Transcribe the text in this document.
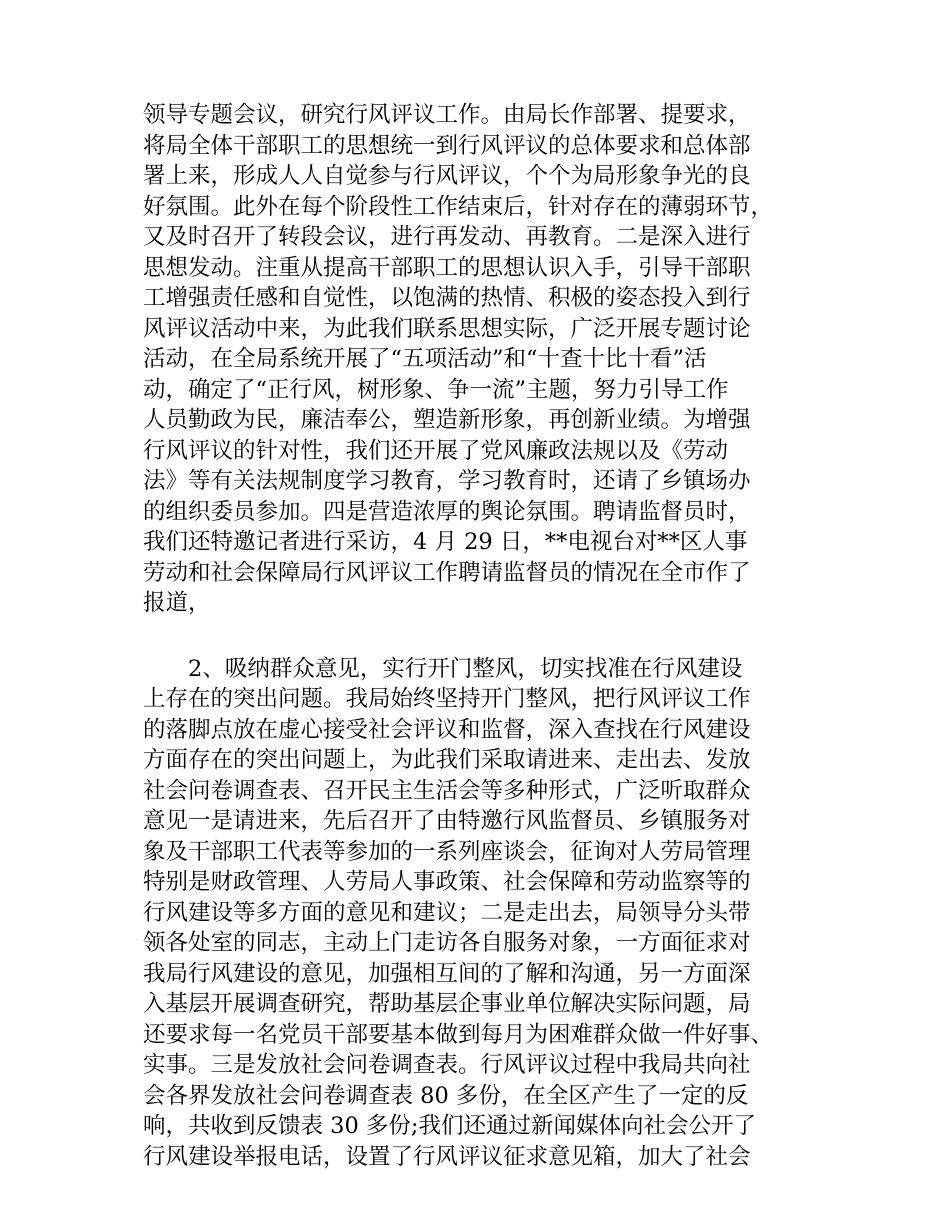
领导专题会议，研究行风评议工作。由局长作部署、提要求，
将局全体干部职工的思想统一到行风评议的总体要求和总体部
署上来，形成人人自觉参与行风评议，个个为局形象争光的良
好氛围。此外在每个阶段性工作结束后，针对存在的薄弱环节，
又及时召开了转段会议，进行再发动、再教育。二是深入进行
思想发动。注重从提高干部职工的思想认识入手，引导干部职
工增强责任感和自觉性，以饱满的热情、积极的姿态投入到行
风评议活动中来，为此我们联系思想实际，广泛开展专题讨论
活动，在全局系统开展了“五项活动”和“十查十比十看”活
动，确定了“正行风，树形象、争一流”主题，努力引导工作
人员勤政为民，廉洁奉公，塑造新形象，再创新业绩。为增强
行风评议的针对性，我们还开展了党风廉政法规以及《劳动
法》等有关法规制度学习教育，学习教育时，还请了乡镇场办
的组织委员参加。四是营造浓厚的舆论氛围。聘请监督员时，
我们还特邀记者进行采访，4 月 29 日，**电视台对**区人事
劳动和社会保障局行风评议工作聘请监督员的情况在全市作了
报道，
2、吸纳群众意见，实行开门整风，切实找准在行风建设
上存在的突出问题。我局始终坚持开门整风，把行风评议工作
的落脚点放在虚心接受社会评议和监督，深入查找在行风建设
方面存在的突出问题上，为此我们采取请进来、走出去、发放
社会问卷调查表、召开民主生活会等多种形式，广泛听取群众
意见一是请进来，先后召开了由特邀行风监督员、乡镇服务对
象及干部职工代表等参加的一系列座谈会，征询对人劳局管理
特别是财政管理、人劳局人事政策、社会保障和劳动监察等的
行风建设等多方面的意见和建议；二是走出去，局领导分头带
领各处室的同志，主动上门走访各自服务对象，一方面征求对
我局行风建设的意见，加强相互间的了解和沟通，另一方面深
入基层开展调查研究，帮助基层企事业单位解决实际问题，局
还要求每一名党员干部要基本做到每月为困难群众做一件好事、
实事。三是发放社会问卷调查表。行风评议过程中我局共向社
会各界发放社会问卷调查表 80 多份，在全区产生了一定的反
响，共收到反馈表 30 多份;我们还通过新闻媒体向社会公开了
行风建设举报电话，设置了行风评议征求意见箱，加大了社会
